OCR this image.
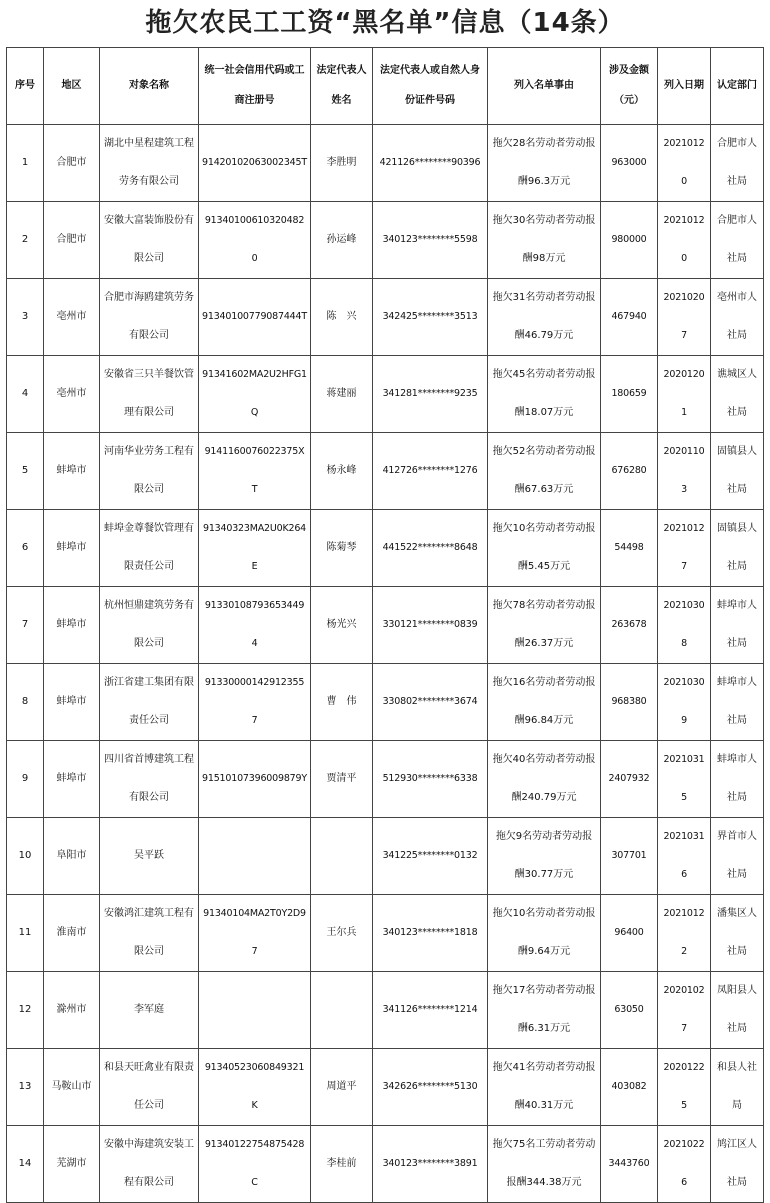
拖欠农民工工资“黑名单”信息（14条）
序号	地区	对象名称	统一社会信用代码或工商注册号	法定代表人姓名	法定代表人或自然人身份证件号码	列入名单事由	涉及金额（元）	列入日期	认定部门
1	合肥市	湖北中星程建筑工程劳务有限公司	91420102063002345T	李胜明	421126********90396	拖欠28名劳动者劳动报酬96.3万元	963000	20210120	合肥市人社局
2	合肥市	安徽大富装饰股份有限公司	913401006103204820	孙运峰	340123********5598	拖欠30名劳动者劳动报酬98万元	980000	20210120	合肥市人社局
3	亳州市	合肥市海鸥建筑劳务有限公司	91340100779087444T	陈　兴	342425********3513	拖欠31名劳动者劳动报酬46.79万元	467940	20210207	亳州市人社局
4	亳州市	安徽省三只羊餐饮管理有限公司	91341602MA2U2HFG1Q	蒋建丽	341281********9235	拖欠45名劳动者劳动报酬18.07万元	180659	20201201	谯城区人社局
5	蚌埠市	河南华业劳务工程有限公司	9141160076022375XT	杨永峰	412726********1276	拖欠52名劳动者劳动报酬67.63万元	676280	20201103	固镇县人社局
6	蚌埠市	蚌埠金尊餐饮管理有限责任公司	91340323MA2U0K264E	陈菊琴	441522********8648	拖欠10名劳动者劳动报酬5.45万元	54498	20210127	固镇县人社局
7	蚌埠市	杭州恒鼎建筑劳务有限公司	913301087936534494	杨光兴	330121********0839	拖欠78名劳动者劳动报酬26.37万元	263678	20210308	蚌埠市人社局
8	蚌埠市	浙江省建工集团有限责任公司	913300001429123557	曹　伟	330802********3674	拖欠16名劳动者劳动报酬96.84万元	968380	20210309	蚌埠市人社局
9	蚌埠市	四川省首博建筑工程有限公司	91510107396009879Y	贾清平	512930********6338	拖欠40名劳动者劳动报酬240.79万元	2407932	20210315	蚌埠市人社局
10	阜阳市	吴平跃			341225********0132	拖欠9名劳动者劳动报酬30.77万元	307701	20210316	界首市人社局
11	淮南市	安徽鸿汇建筑工程有限公司	91340104MA2T0Y2D97	王尔兵	340123********1818	拖欠10名劳动者劳动报酬9.64万元	96400	20210122	潘集区人社局
12	滁州市	李军庭			341126********1214	拖欠17名劳动者劳动报酬6.31万元	63050	20201027	凤阳县人社局
13	马鞍山市	和县天旺禽业有限责任公司	91340523060849321K	周道平	342626********5130	拖欠41名劳动者劳动报酬40.31万元	403082	20201225	和县人社局
14	芜湖市	安徽中海建筑安装工程有限公司	91340122754875428C	李桂前	340123********3891	拖欠75名工劳动者劳动报酬344.38万元	3443760	20210226	鸠江区人社局
